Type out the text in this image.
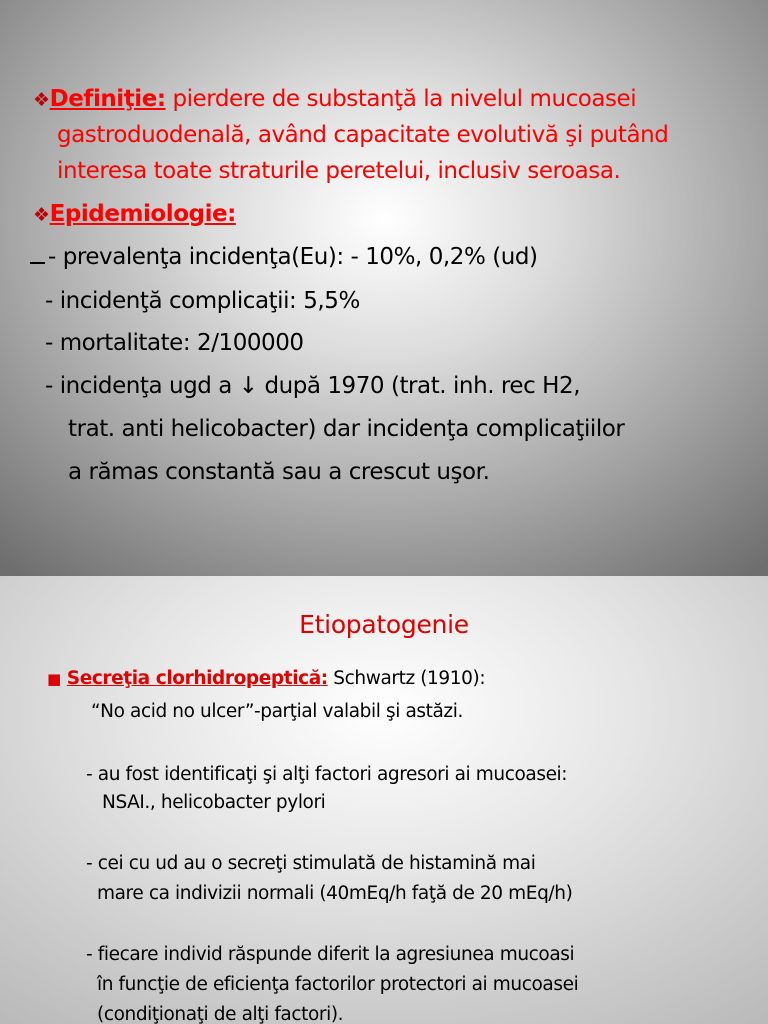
❖Definiţie: pierdere de substanţă la nivelul mucoasei
gastroduodenală, având capacitate evolutivă şi putând
interesa toate straturile peretelui, inclusiv seroasa.
❖Epidemiologie:
- prevalenţa incidenţa(Eu): - 10%, 0,2% (ud)
- incidenţă complicaţii: 5,5%
- mortalitate: 2/100000
- incidenţa ugd a ↓ după 1970 (trat. inh. rec H2,
trat. anti helicobacter) dar incidenţa complicaţiilor
a rămas constantă sau a crescut uşor.
Etiopatogenie
■ Secreţia clorhidropeptică: Schwartz (1910):
“No acid no ulcer”-parţial valabil şi astăzi.
- au fost identificaţi şi alţi factori agresori ai mucoasei:
NSAI., helicobacter pylori
- cei cu ud au o secreţi stimulată de histamină mai
mare ca indivizii normali (40mEq/h faţă de 20 mEq/h)
- fiecare individ răspunde diferit la agresiunea mucoasi
în funcţie de eficienţa factorilor protectori ai mucoasei
(condiţionaţi de alţi factori).
